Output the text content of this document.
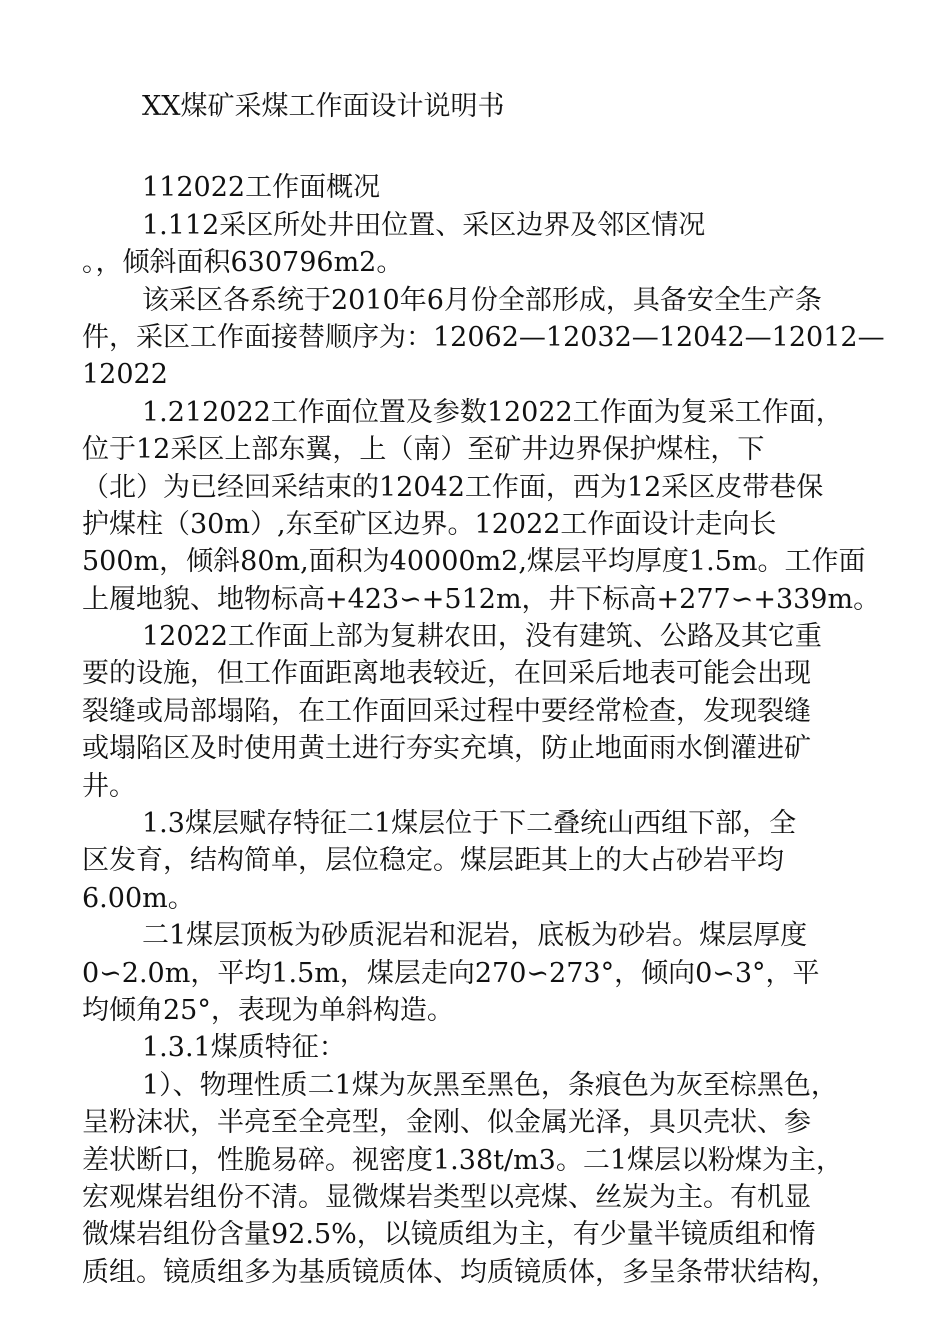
XX煤矿采煤工作面设计说明书
112022工作面概况
1.112采区所处井田位置、采区边界及邻区情况
。，倾斜面积630796m2。
该采区各系统于2010年6月份全部形成，具备安全生产条
件，采区工作面接替顺序为：12062—12032—12042—12012—
12022
1.212022工作面位置及参数12022工作面为复采工作面，
位于12采区上部东翼，上（南）至矿井边界保护煤柱，下
（北）为已经回采结束的12042工作面，西为12采区皮带巷保
护煤柱（30m）,东至矿区边界。12022工作面设计走向长
500m，倾斜80m,面积为40000m2,煤层平均厚度1.5m。工作面
上履地貌、地物标高+423∽+512m，井下标高+277∽+339m。
12022工作面上部为复耕农田，没有建筑、公路及其它重
要的设施，但工作面距离地表较近，在回采后地表可能会出现
裂缝或局部塌陷，在工作面回采过程中要经常检查，发现裂缝
或塌陷区及时使用黄土进行夯实充填，防止地面雨水倒灌进矿
井。
1.3煤层赋存特征二1煤层位于下二叠统山西组下部，全
区发育，结构简单，层位稳定。煤层距其上的大占砂岩平均
6.00m。
二1煤层顶板为砂质泥岩和泥岩，底板为砂岩。煤层厚度
0∽2.0m，平均1.5m，煤层走向270∽273°，倾向0∽3°，平
均倾角25°，表现为单斜构造。
1.3.1煤质特征：
1）、物理性质二1煤为灰黑至黑色，条痕色为灰至棕黑色，
呈粉沫状，半亮至全亮型，金刚、似金属光泽，具贝壳状、参
差状断口，性脆易碎。视密度1.38t/m3。二1煤层以粉煤为主，
宏观煤岩组份不清。显微煤岩类型以亮煤、丝炭为主。有机显
微煤岩组份含量92.5%，以镜质组为主，有少量半镜质组和惰
质组。镜质组多为基质镜质体、均质镜质体，多呈条带状结构，
